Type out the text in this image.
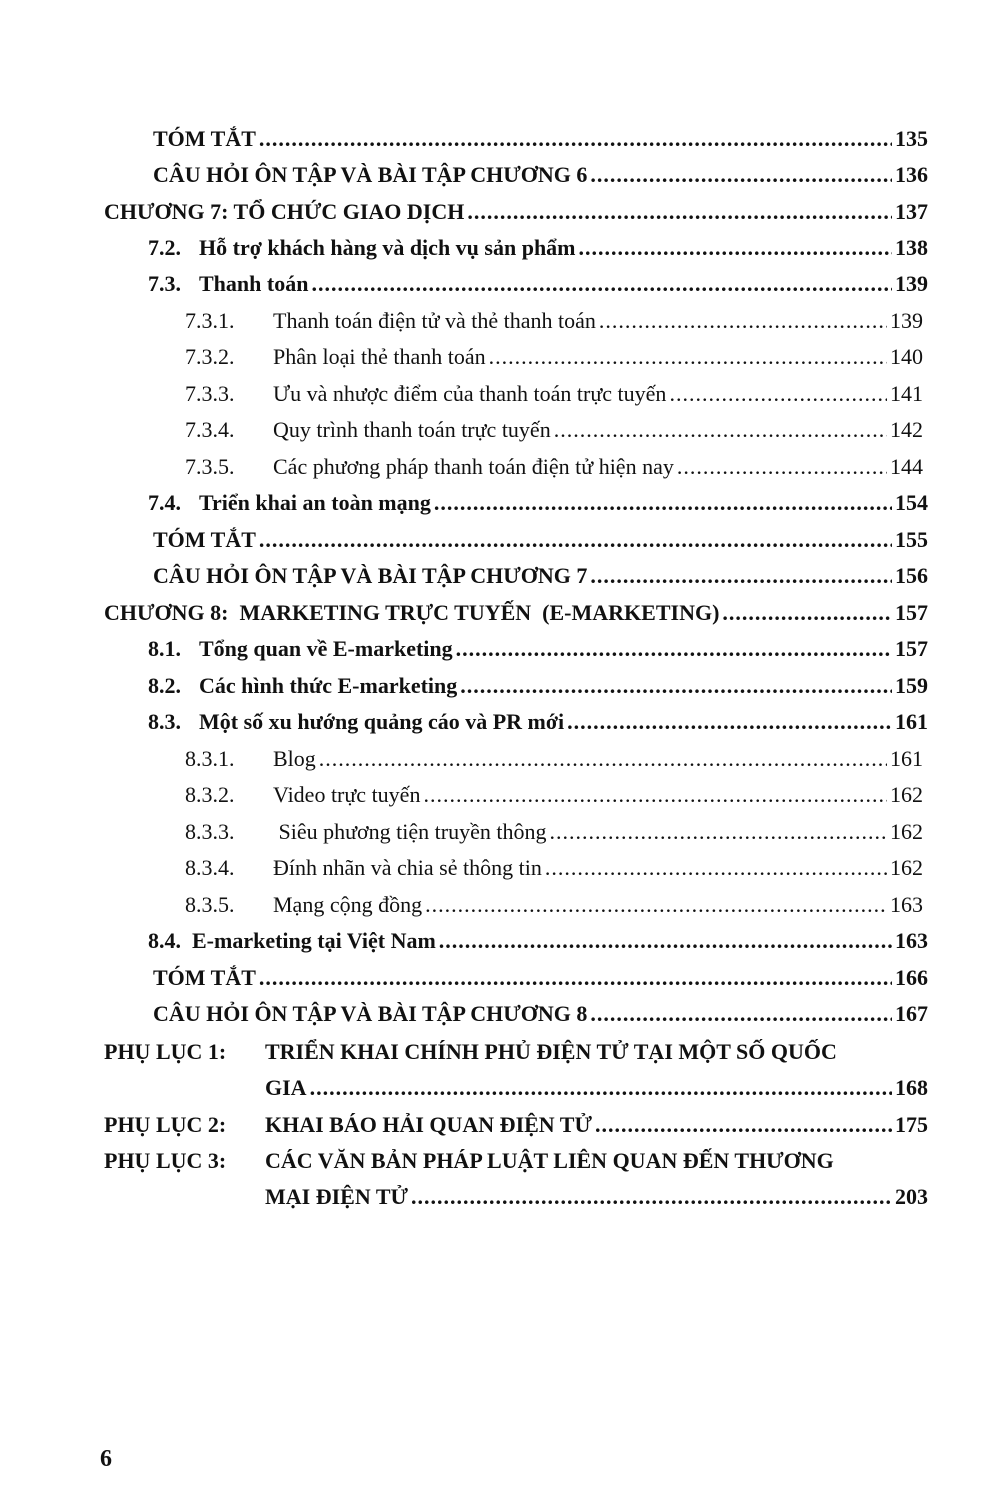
TÓM TẮT .....	135
CÂU HỎI ÔN TẬP VÀ BÀI TẬP CHƯƠNG 6 .....	136
CHƯƠNG 7: TỔ CHỨC GIAO DỊCH .....	137
7.2. Hỗ trợ khách hàng và dịch vụ sản phẩm .....	138
7.3. Thanh toán .....	139
7.3.1. Thanh toán điện tử và thẻ thanh toán .....	139
7.3.2. Phân loại thẻ thanh toán .....	140
7.3.3. Ưu và nhược điểm của thanh toán trực tuyến .....	141
7.3.4. Quy trình thanh toán trực tuyến .....	142
7.3.5. Các phương pháp thanh toán điện tử hiện nay .....	144
7.4. Triển khai an toàn mạng .....	154
TÓM TẮT .....	155
CÂU HỎI ÔN TẬP VÀ BÀI TẬP CHƯƠNG 7 .....	156
CHƯƠNG 8:  MARKETING TRỰC TUYẾN  (E-MARKETING) .....	157
8.1. Tổng quan về E-marketing .....	157
8.2. Các hình thức E-marketing .....	159
8.3. Một số xu hướng quảng cáo và PR mới .....	161
8.3.1. Blog .....	161
8.3.2. Video trực tuyến .....	162
8.3.3. Siêu phương tiện truyền thông .....	162
8.3.4. Đính nhãn và chia sẻ thông tin .....	162
8.3.5. Mạng cộng đồng .....	163
8.4. E-marketing tại Việt Nam .....	163
TÓM TẮT .....	166
CÂU HỎI ÔN TẬP VÀ BÀI TẬP CHƯƠNG 8 .....	167
PHỤ LỤC 1: TRIỂN KHAI CHÍNH PHỦ ĐIỆN TỬ TẠI MỘT SỐ QUỐC
GIA .....	168
PHỤ LỤC 2: KHAI BÁO HẢI QUAN ĐIỆN TỬ .....	175
PHỤ LỤC 3: CÁC VĂN BẢN PHÁP LUẬT LIÊN QUAN ĐẾN THƯƠNG
MẠI ĐIỆN TỬ .....	203
6
